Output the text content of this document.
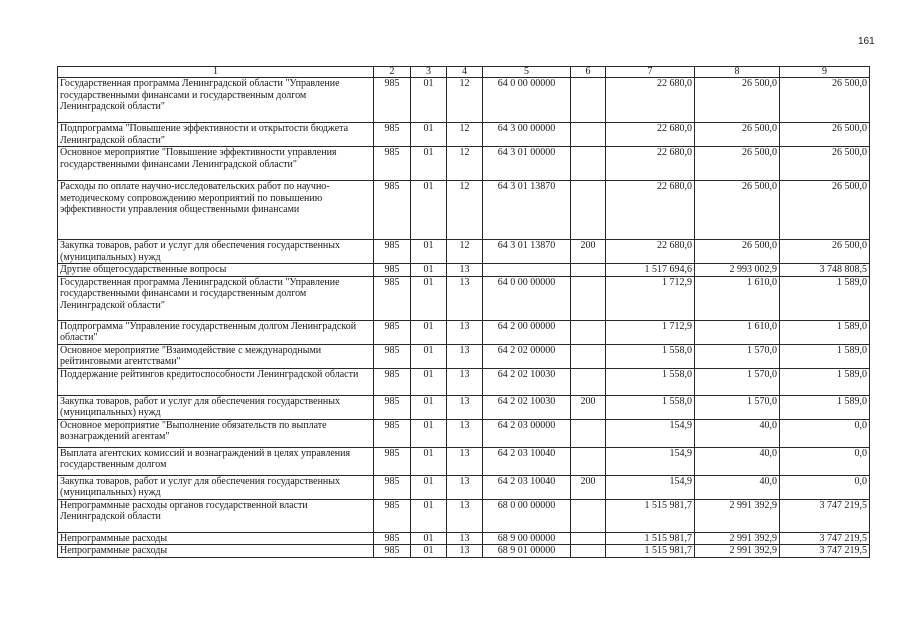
161
1	2	3	4	5	6	7	8	9
Государственная программа Ленинградской области "Управление государственными финансами и государственным долгом Ленинградской области"	985	01	12	64 0 00 00000		22 680,0	26 500,0	26 500,0
Подпрограмма "Повышение эффективности и открытости бюджета Ленинградской области"	985	01	12	64 3 00 00000		22 680,0	26 500,0	26 500,0
Основное мероприятие "Повышение эффективности управления государственными финансами Ленинградской области"	985	01	12	64 3 01 00000		22 680,0	26 500,0	26 500,0
Расходы по оплате научно-исследовательских работ по научно-методическому сопровождению мероприятий по повышению эффективности управления общественными финансами	985	01	12	64 3 01 13870		22 680,0	26 500,0	26 500,0
Закупка товаров, работ и услуг для обеспечения государственных (муниципальных) нужд	985	01	12	64 3 01 13870	200	22 680,0	26 500,0	26 500,0
Другие общегосударственные вопросы	985	01	13			1 517 694,6	2 993 002,9	3 748 808,5
Государственная программа Ленинградской области "Управление государственными финансами и государственным долгом Ленинградской области"	985	01	13	64 0 00 00000		1 712,9	1 610,0	1 589,0
Подпрограмма "Управление государственным долгом Ленинградской области"	985	01	13	64 2 00 00000		1 712,9	1 610,0	1 589,0
Основное мероприятие "Взаимодействие с международными рейтинговыми агентствами"	985	01	13	64 2 02 00000		1 558,0	1 570,0	1 589,0
Поддержание рейтингов кредитоспособности Ленинградской области	985	01	13	64 2 02 10030		1 558,0	1 570,0	1 589,0
Закупка товаров, работ и услуг для обеспечения государственных (муниципальных) нужд	985	01	13	64 2 02 10030	200	1 558,0	1 570,0	1 589,0
Основное мероприятие "Выполнение обязательств по выплате вознаграждений агентам"	985	01	13	64 2 03 00000		154,9	40,0	0,0
Выплата агентских комиссий и вознаграждений в целях управления государственным долгом	985	01	13	64 2 03 10040		154,9	40,0	0,0
Закупка товаров, работ и услуг для обеспечения государственных (муниципальных) нужд	985	01	13	64 2 03 10040	200	154,9	40,0	0,0
Непрограммные расходы органов государственной власти Ленинградской области	985	01	13	68 0 00 00000		1 515 981,7	2 991 392,9	3 747 219,5
Непрограммные расходы	985	01	13	68 9 00 00000		1 515 981,7	2 991 392,9	3 747 219,5
Непрограммные расходы	985	01	13	68 9 01 00000		1 515 981,7	2 991 392,9	3 747 219,5
